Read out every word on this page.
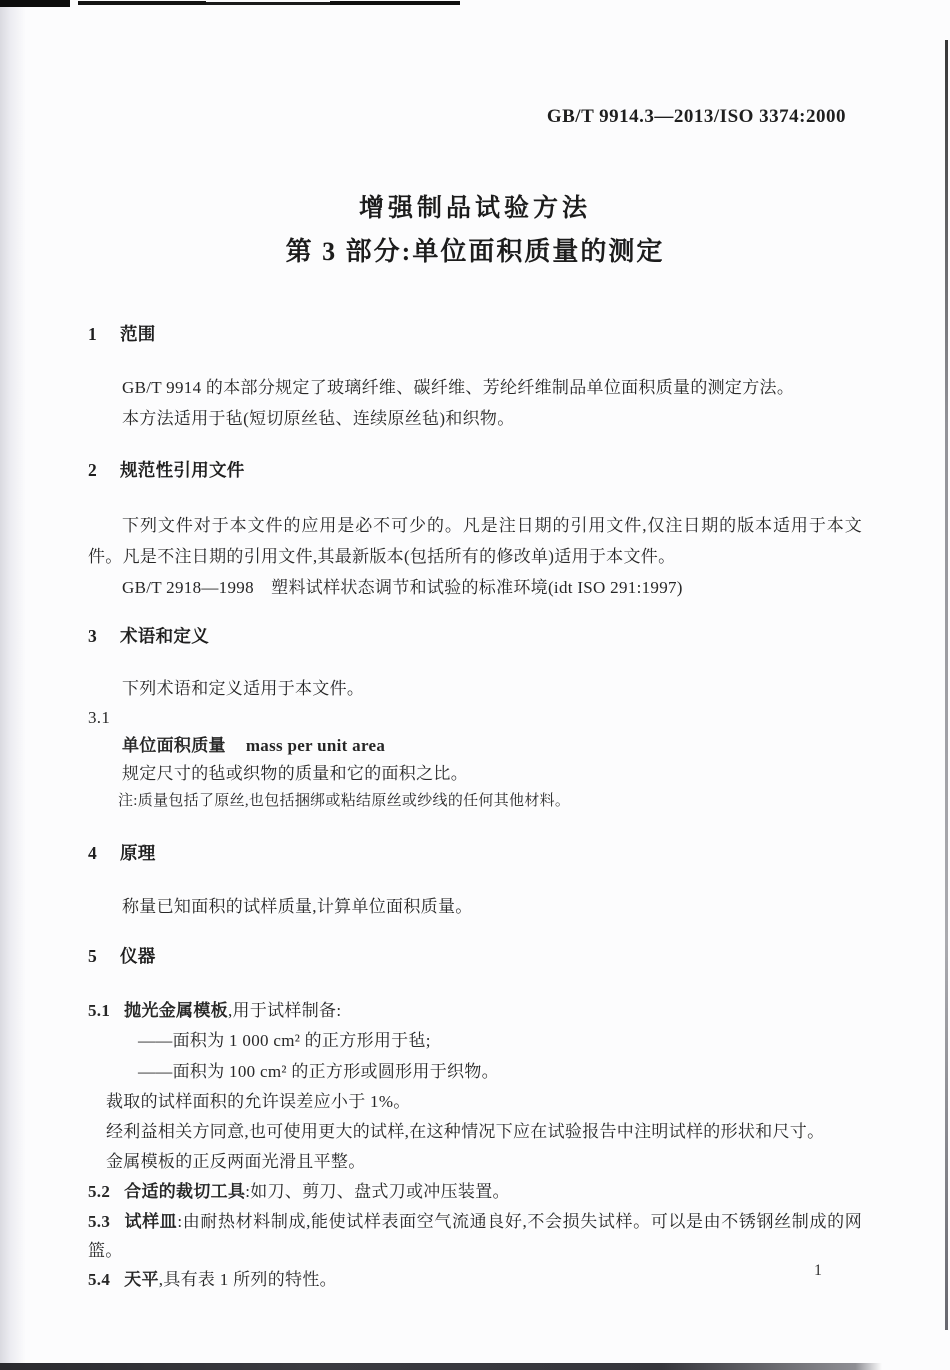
GB/T 9914.3—2013/ISO 3374:2000
增强制品试验方法
第 3 部分:单位面积质量的测定
1 范围

GB/T 9914 的本部分规定了玻璃纤维、碳纤维、芳纶纤维制品单位面积质量的测定方法。

本方法适用于毡(短切原丝毡、连续原丝毡)和织物。

2 规范性引用文件

下列文件对于本文件的应用是必不可少的。凡是注日期的引用文件,仅注日期的版本适用于本文件。凡是不注日期的引用文件,其最新版本(包括所有的修改单)适用于本文件。

GB/T 2918—1998　塑料试样状态调节和试验的标准环境(idt ISO 291:1997)

3 术语和定义

下列术语和定义适用于本文件。

3.1

单位面积质量 mass per unit area

规定尺寸的毡或织物的质量和它的面积之比。

注:质量包括了原丝,也包括捆绑或粘结原丝或纱线的任何其他材料。

4 原理

称量已知面积的试样质量,计算单位面积质量。

5 仪器

5.1 抛光金属模板,用于试样制备:

——面积为 1 000 cm² 的正方形用于毡;

——面积为 100 cm² 的正方形或圆形用于织物。

裁取的试样面积的允许误差应小于 1%。

经利益相关方同意,也可使用更大的试样,在这种情况下应在试验报告中注明试样的形状和尺寸。

金属模板的正反两面光滑且平整。

5.2 合适的裁切工具:如刀、剪刀、盘式刀或冲压装置。

5.3 试样皿:由耐热材料制成,能使试样表面空气流通良好,不会损失试样。可以是由不锈钢丝制成的网篮。

5.4 天平,具有表 1 所列的特性。	1
